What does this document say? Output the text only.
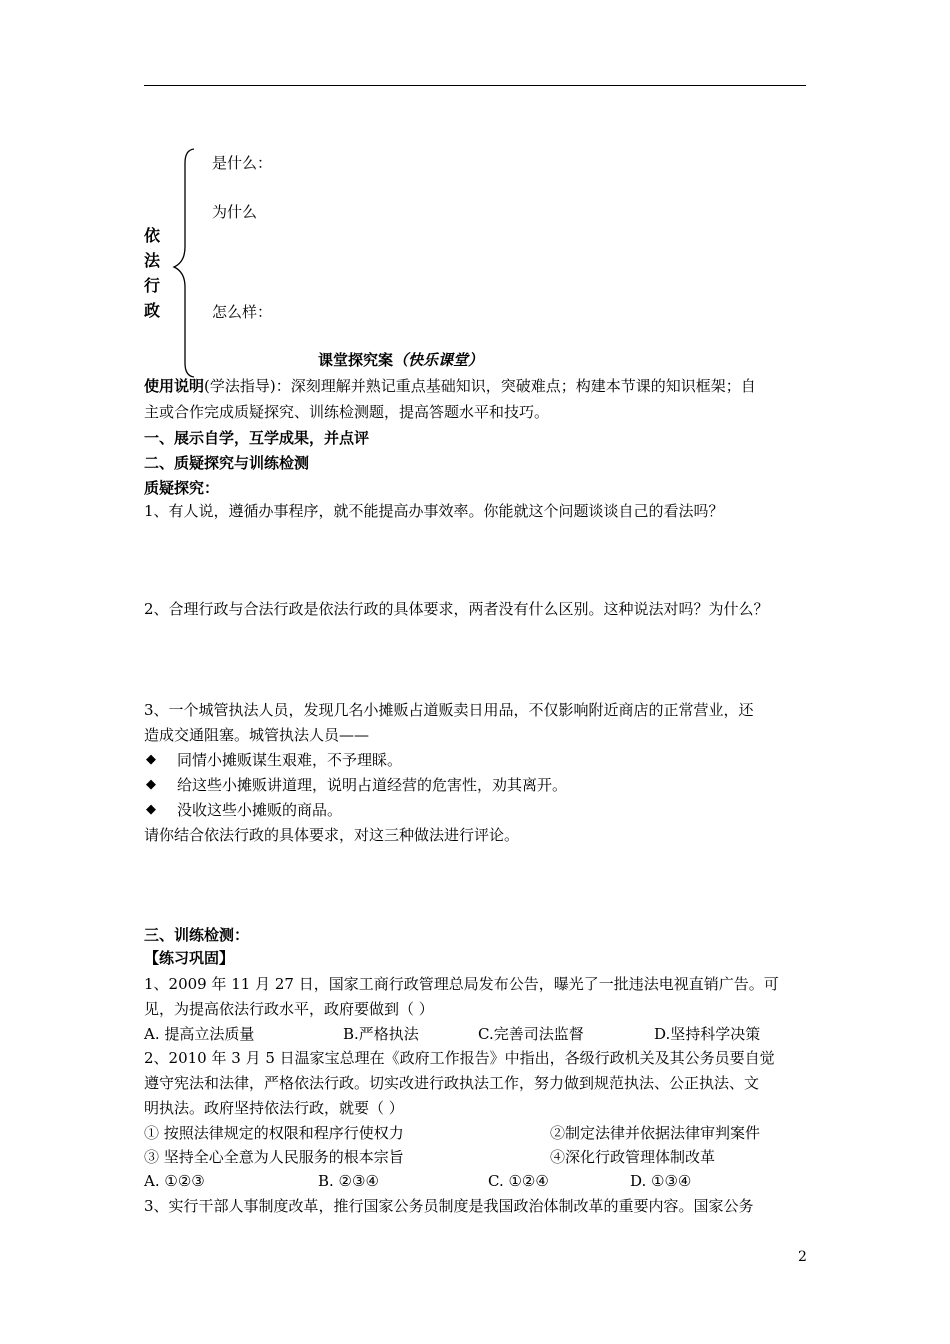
依
法
行
政
是什么：
为什么
怎么样：
课堂探究案（快乐课堂）
使用说明(学法指导)：深刻理解并熟记重点基础知识，突破难点；构建本节课的知识框架；自
主或合作完成质疑探究、训练检测题，提高答题水平和技巧。
一、展示自学，互学成果，并点评
二、质疑探究与训练检测
质疑探究：
1、有人说，遵循办事程序，就不能提高办事效率。你能就这个问题谈谈自己的看法吗？
2、合理行政与合法行政是依法行政的具体要求，两者没有什么区别。这种说法对吗？为什么？
3、一个城管执法人员，发现几名小摊贩占道贩卖日用品，不仅影响附近商店的正常营业，还
造成交通阻塞。城管执法人员——
◆ 同情小摊贩谋生艰难，不予理睬。
◆ 给这些小摊贩讲道理，说明占道经营的危害性，劝其离开。
◆ 没收这些小摊贩的商品。
请你结合依法行政的具体要求，对这三种做法进行评论。
三、训练检测：
【练习巩固】
1、2009 年 11 月 27 日，国家工商行政管理总局发布公告，曝光了一批违法电视直销广告。可
见，为提高依法行政水平，政府要做到（ ）
A. 提高立法质量	B.严格执法	C.完善司法监督	D.坚持科学决策
2、2010 年 3 月 5 日温家宝总理在《政府工作报告》中指出，各级行政机关及其公务员要自觉
遵守宪法和法律，严格依法行政。切实改进行政执法工作，努力做到规范执法、公正执法、文
明执法。政府坚持依法行政，就要（ ）
① 按照法律规定的权限和程序行使权力	②制定法律并依据法律审判案件
③ 坚持全心全意为人民服务的根本宗旨	④深化行政管理体制改革
A. ①②③	B. ②③④	C. ①②④	D. ①③④
3、实行干部人事制度改革，推行国家公务员制度是我国政治体制改革的重要内容。国家公务
2
